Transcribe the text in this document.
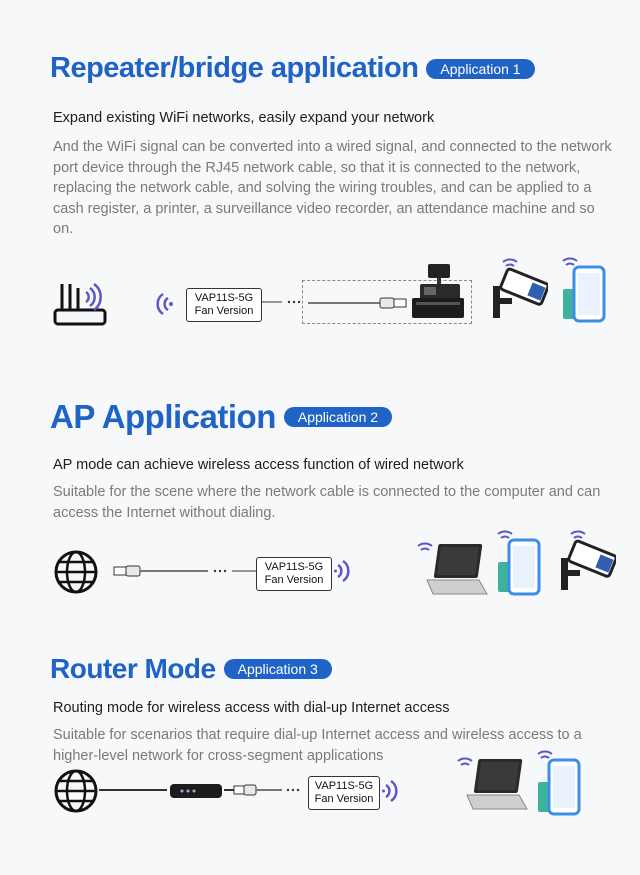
Repeater/bridge application	Application 1
Expand existing WiFi networks, easily expand your network
And the WiFi signal can be converted into a wired signal, and connected to the network port device through the RJ45 network cable, so that it is connected to the network, replacing the network cable, and solving the wiring troubles, and can be applied to a cash register, a printer, a surveillance video recorder, an attendance machine and so on.
VAP11S-5G
Fan Version
AP Application	Application 2
AP mode can achieve wireless access function of wired network
Suitable for the scene where the network cable is connected to the computer and can access the Internet without dialing.
VAP11S-5G
Fan Version
Router Mode	Application 3
Routing mode for wireless access with dial-up Internet access
Suitable for scenarios that require dial-up Internet access and wireless access to a higher-level network for cross-segment applications
VAP11S-5G
Fan Version
